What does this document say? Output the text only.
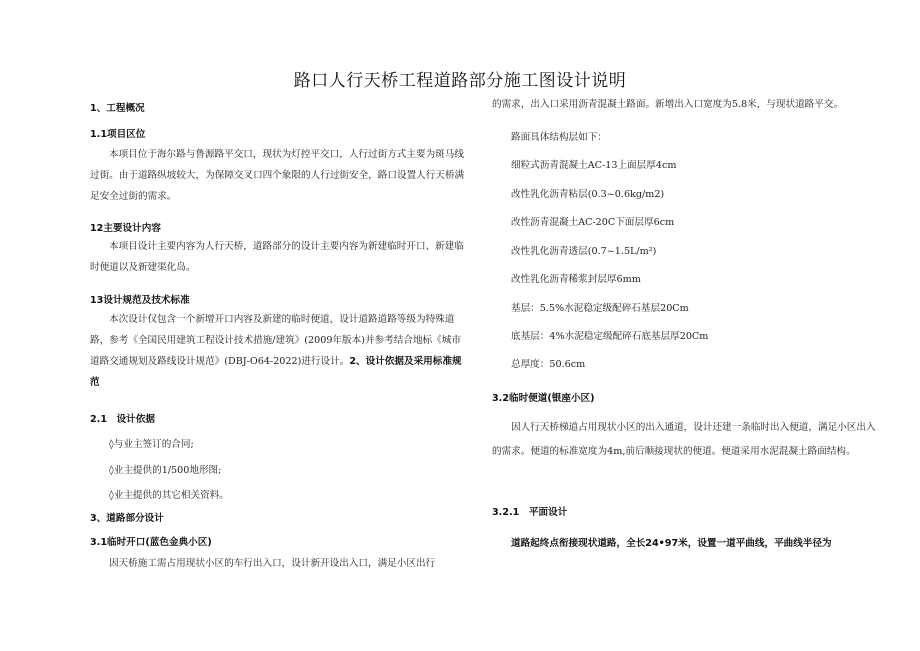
路口人行天桥工程道路部分施工图设计说明
1、工程概况
1.1项目区位
本项目位于海尔路与鲁源路平交口，现状为灯控平交口，人行过街方式主要为斑马线过街。由于道路纵坡较大，为保障交叉口四个象限的人行过街安全，路口设置人行天桥满足安全过街的需求。
12主要设计内容
本项目设计主要内容为人行天桥，道路部分的设计主要内容为新建临时开口、新建临时便道以及新建渠化岛。
13设计规范及技术标准
本次设计仅包含一个新增开口内容及新建的临时便道，设计道路道路等级为特殊道路，参考《全国民用建筑工程设计技术措施/建筑》(2009年版本)并参考结合地标《城市道路交通规划及路线设计规范》(DBJ-O64-2022)进行设计。2、设计依据及采用标准规范
2.1　设计依据
◊与业主签订的合同;
◊业主提供的1/500地形图;
◊业主提供的其它相关资料。
3、道路部分设计
3.1临时开口(蓝色金典小区)
因天桥施工需占用现状小区的车行出入口，设计新开设出入口，满足小区出行
的需求，出入口采用沥青混凝土路面。新增出入口宽度为5.8米，与现状道路平交。
路面具体结构层如下：
细粒式沥青混凝土AC-13上面层厚4cm
改性乳化沥青粘层(0.3~0.6kg∕m2)
改性沥青混凝土AC-20C下面层厚6cm
改性乳化沥青透层(0.7~1.5L/m²)
改性乳化沥青稀浆封层厚6mm
基层：5.5%水泥稳定级配碎石基层20Cm
底基层：4%水泥稳定级配碎石底基层厚20Cm
总厚度：50.6cm
3.2临时便道(银座小区)
因人行天桥梯道占用现状小区的出入通道，设计还建一条临时出入便道，满足小区出入的需求。便道的标准宽度为4m,前后顺接现状的便道。便道采用水泥混凝土路面结构。
3.2.1　平面设计
道路起终点衔接现状道路，全长24•97米，设置一道平曲线，平曲线半径为
